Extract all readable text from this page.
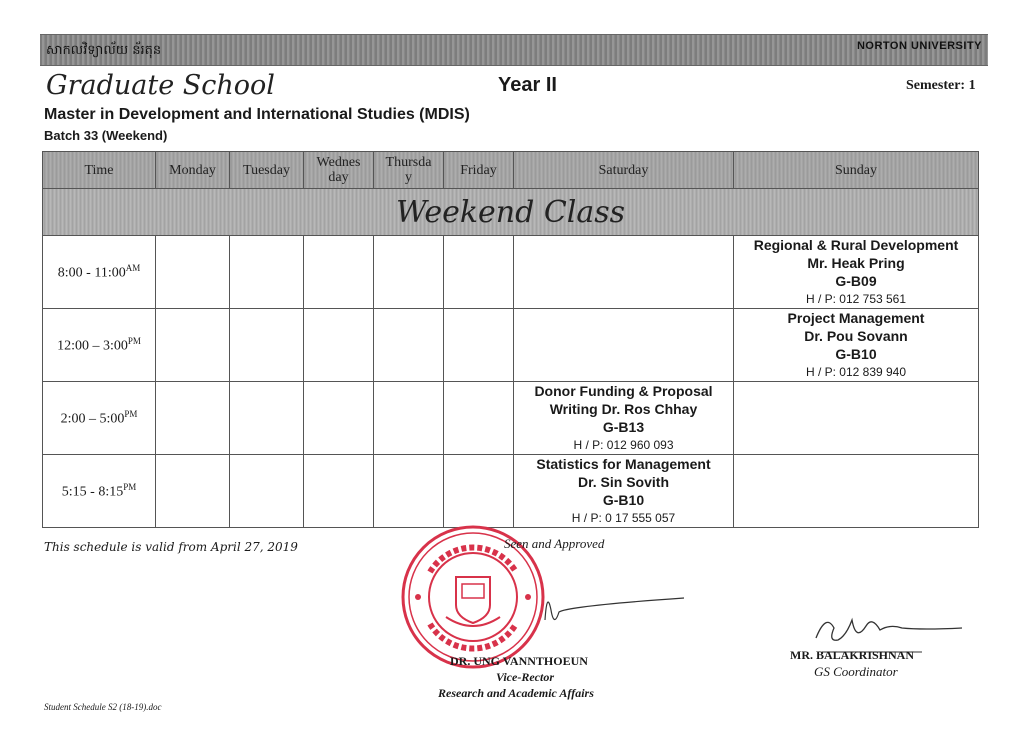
សាកលវិទ្យាល័យ ន័រតុន	NORTON UNIVERSITY
Graduate School	Year II	Semester: 1
Master in Development and International Studies (MDIS)
Batch 33 (Weekend)
Time	Monday	Tuesday	Wednes
day	Thursda
y	Friday	Saturday	Sunday
Weekend Class							
8:00 - $11:00^{AM}$							Regional & Rural Development
Mr. Heak Pring
G-B09
H / P: 012 753 561

12:00 – $3:00^{PM}$							Project Management
Dr. Pou Sovann
G-B10
H / P: 012 839 940

2:00 – $5:00^{PM}$						Donor Funding & Proposal
Writing Dr. Ros Chhay
G-B13
H / P: 012 960 093	

5:15 - $8:15^{PM}$						Statistics for Management
Dr. Sin Sovith
G-B10
H / P: 0 17 555 057	

This schedule is valid from April 27, 2019	Seen and Approved
DR. UNG VANNTHOEUN
Vice-Rector
Research and Academic Affairs
MR. BALAKRISHNAN
GS Coordinator
Student Schedule S2 (18-19).doc
